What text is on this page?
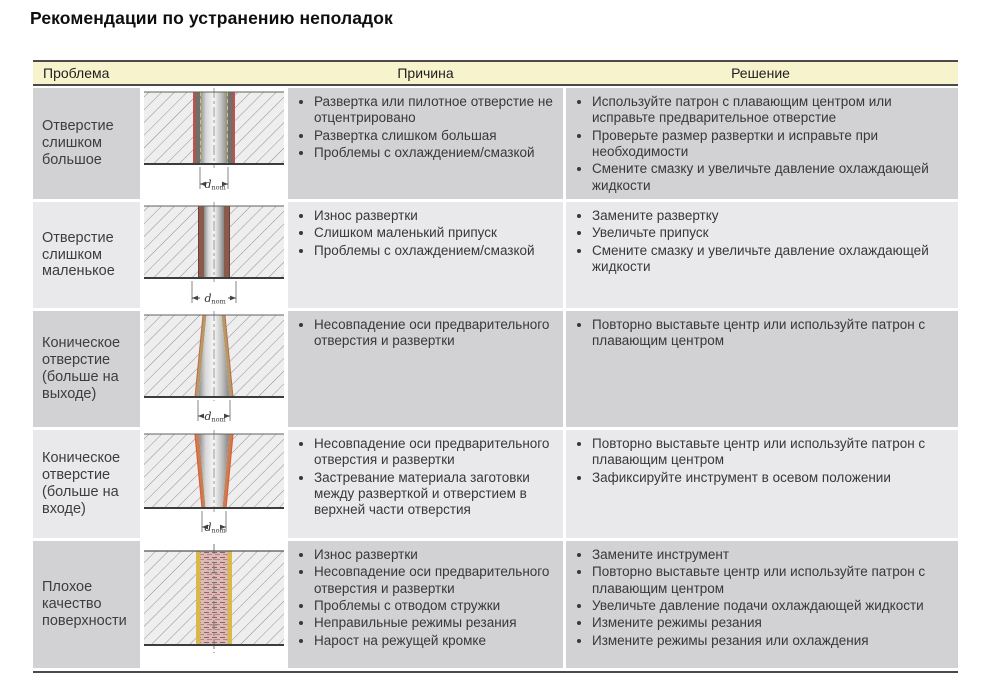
Рекомендации по устранению неполадок
Проблема	Причина	Решение
Отверстие слишком большое
d nom
• Развертка или пилотное отверстие не отцентрировано
• Развертка слишком большая
• Проблемы с охлаждением/смазкой
• Используйте патрон с плавающим центром или исправьте предварительное отверстие
• Проверьте размер развертки и исправьте при необходимости
• Смените смазку и увеличьте давление охлаждающей жидкости
Отверстие слишком маленькое
d nom
• Износ развертки
• Слишком маленький припуск
• Проблемы с охлаждением/смазкой
• Замените развертку
• Увеличьте припуск
• Смените смазку и увеличьте давление охлаждающей жидкости
Коническое отверстие (больше на выходе)
d nom
• Несовпадение оси предварительного отверстия и развертки
• Повторно выставьте центр или используйте патрон с плавающим центром
Коническое отверстие (больше на входе)
d nom
• Несовпадение оси предварительного отверстия и развертки
• Застревание материала заготовки между разверткой и отверстием в верхней части отверстия
• Повторно выставьте центр или используйте патрон с плавающим центром
• Зафиксируйте инструмент в осевом положении
Плохое качество поверхности
• Износ развертки
• Несовпадение оси предварительного отверстия и развертки
• Проблемы с отводом стружки
• Неправильные режимы резания
• Нарост на режущей кромке
• Замените инструмент
• Повторно выставьте центр или используйте патрон с плавающим центром
• Увеличьте давление подачи охлаждающей жидкости
• Измените режимы резания
• Измените режимы резания или охлаждения
